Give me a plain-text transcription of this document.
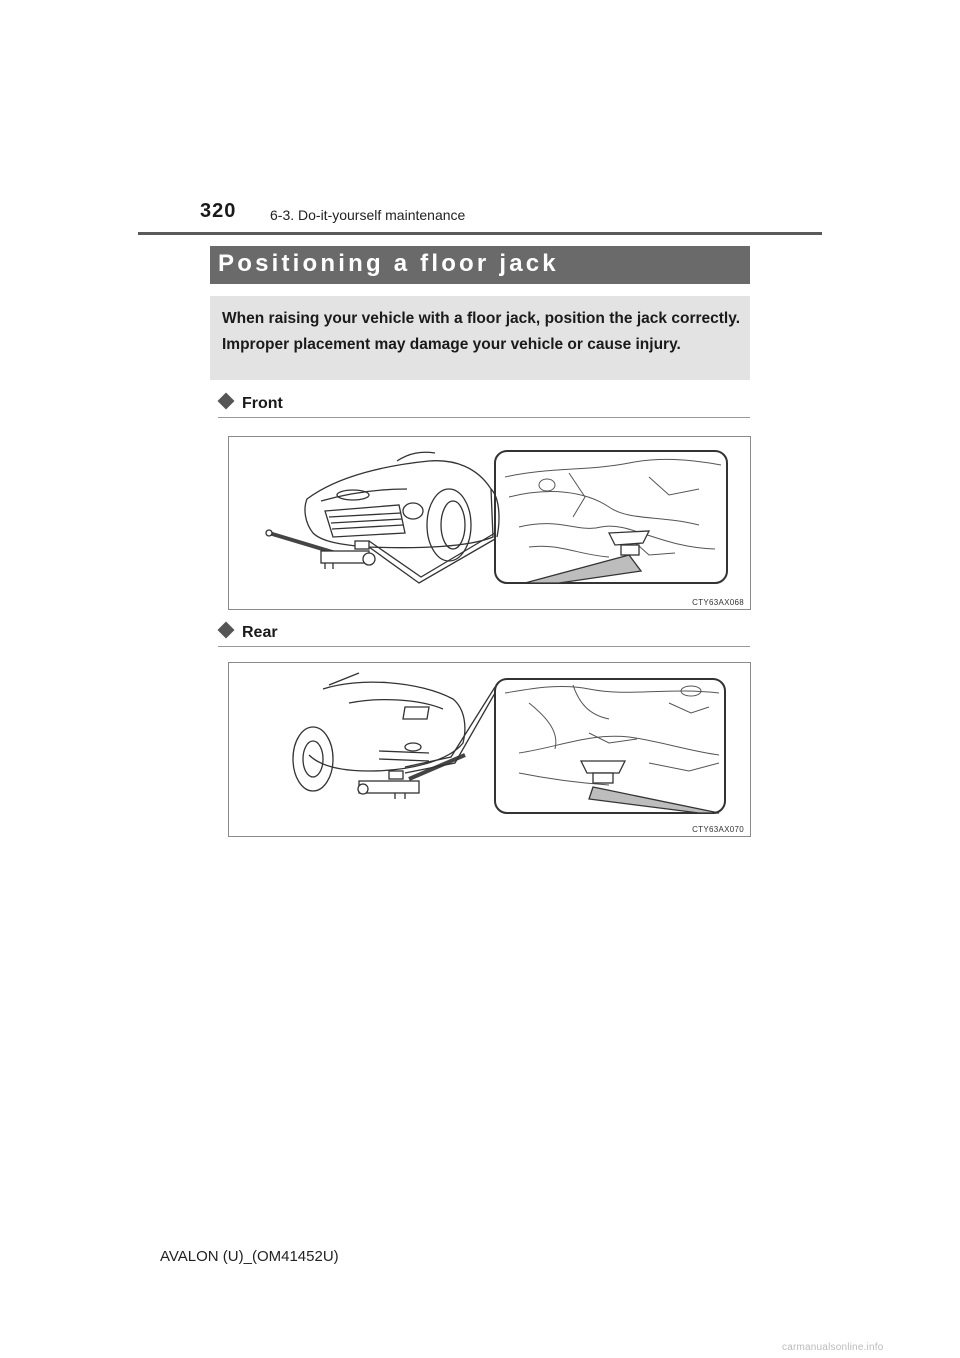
320 6-3. Do-it-yourself maintenance
Positioning a floor jack
When raising your vehicle with a floor jack, position the jack correctly. Improper placement may damage your vehicle or cause injury.
Front
CTY63AX068
Rear
CTY63AX070
AVALON (U)_(OM41452U)
carmanualsonline.info
